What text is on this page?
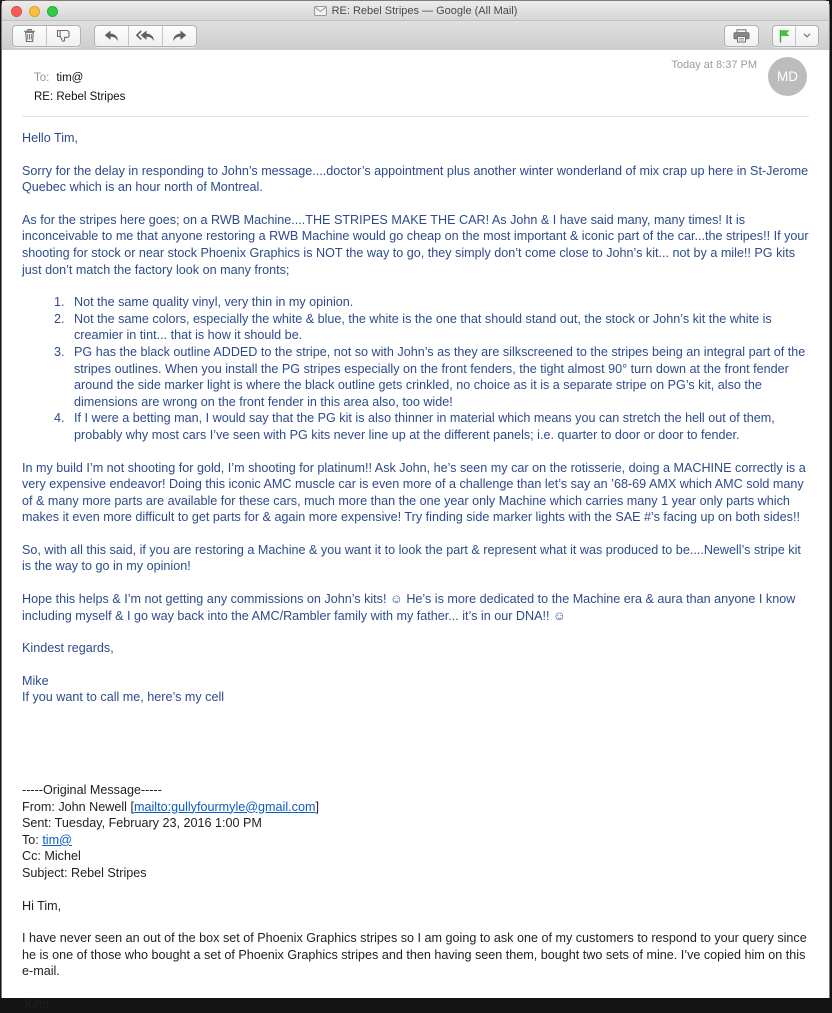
RE: Rebel Stripes — Google (All Mail)
Today at 8:37 PM
MD
To: tim@
RE: Rebel Stripes
Hello Tim,
Sorry for the delay in responding to John’s message....doctor’s appointment plus another winter wonderland of mix crap up here in St-Jerome Quebec which is an hour north of Montreal.
As for the stripes here goes; on a RWB Machine....THE STRIPES MAKE THE CAR! As John & I have said many, many times! It is inconceivable to me that anyone restoring a RWB Machine would go cheap on the most important & iconic part of the car...the stripes!! If your shooting for stock or near stock Phoenix Graphics is NOT the way to go, they simply don’t come close to John’s kit... not by a mile!! PG kits just don’t match the factory look on many fronts;
1. Not the same quality vinyl, very thin in my opinion.
2. Not the same colors, especially the white & blue, the white is the one that should stand out, the stock or John’s kit the white is creamier in tint... that is how it should be.
3. PG has the black outline ADDED to the stripe, not so with John’s as they are silkscreened to the stripes being an integral part of the stripes outlines. When you install the PG stripes especially on the front fenders, the tight almost 90° turn down at the front fender around the side marker light is where the black outline gets crinkled, no choice as it is a separate stripe on PG’s kit, also the dimensions are wrong on the front fender in this area also, too wide!
4. If I were a betting man, I would say that the PG kit is also thinner in material which means you can stretch the hell out of them, probably why most cars I’ve seen with PG kits never line up at the different panels; i.e. quarter to door or door to fender.
In my build I’m not shooting for gold, I’m shooting for platinum!! Ask John, he’s seen my car on the rotisserie, doing a MACHINE correctly is a very expensive endeavor! Doing this iconic AMC muscle car is even more of a challenge than let’s say an ’68-69 AMX which AMC sold many of & many more parts are available for these cars, much more than the one year only Machine which carries many 1 year only parts which makes it even more difficult to get parts for & again more expensive! Try finding side marker lights with the SAE #’s facing up on both sides!!
So, with all this said, if you are restoring a Machine & you want it to look the part & represent what it was produced to be....Newell’s stripe kit is the way to go in my opinion!
Hope this helps & I’m not getting any commissions on John’s kits! ☺ He’s is more dedicated to the Machine era & aura than anyone I know including myself & I go way back into the AMC/Rambler family with my father... it’s in our DNA!! ☺
Kindest regards,
Mike
If you want to call me, here’s my cell
-----Original Message-----
From: John Newell [mailto:gullyfourmyle@gmail.com]
Sent: Tuesday, February 23, 2016 1:00 PM
To: tim@
Cc: Michel
Subject: Rebel Stripes
Hi Tim,
I have never seen an out of the box set of Phoenix Graphics stripes so I am going to ask one of my customers to respond to your query since he is one of those who bought a set of Phoenix Graphics stripes and then having seen them, bought two sets of mine. I’ve copied him on this e-mail.
John
